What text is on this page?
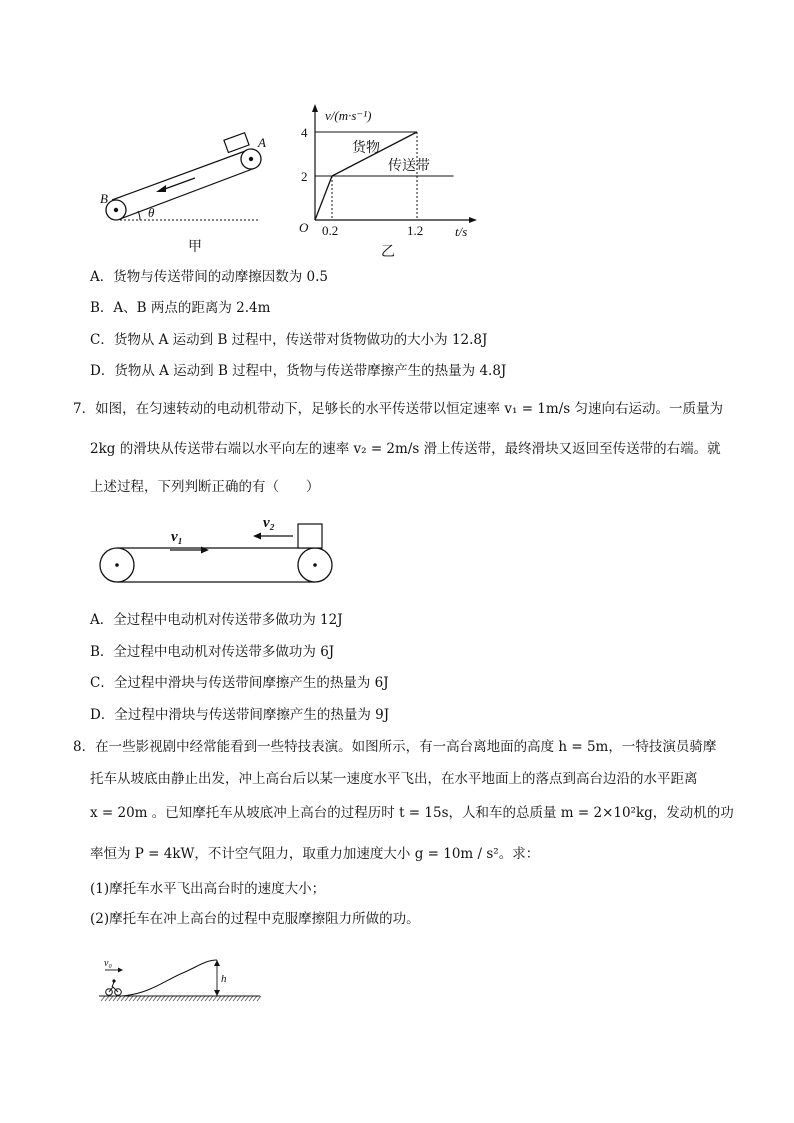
θ
A
B
甲
0.2	1.2
2
4
v/(m·s⁻¹)
O	t/s
货物
传送带
乙
A．货物与传送带间的动摩擦因数为 0.5
B．A、B 两点的距离为 2.4m
C．货物从 A 运动到 B 过程中，传送带对货物做功的大小为 12.8J
D．货物从 A 运动到 B 过程中，货物与传送带摩擦产生的热量为 4.8J
7．如图，在匀速转动的电动机带动下，足够长的水平传送带以恒定速率 v₁ = 1m/s 匀速向右运动。一质量为
2kg 的滑块从传送带右端以水平向左的速率 v₂ = 2m/s 滑上传送带，最终滑块又返回至传送带的右端。就
上述过程，下列判断正确的有（　　）
v₁
v₂
A．全过程中电动机对传送带多做功为 12J
B．全过程中电动机对传送带多做功为 6J
C．全过程中滑块与传送带间摩擦产生的热量为 6J
D．全过程中滑块与传送带间摩擦产生的热量为 9J
8．在一些影视剧中经常能看到一些特技表演。如图所示，有一高台离地面的高度 h = 5m，一特技演员骑摩
托车从坡底由静止出发，冲上高台后以某一速度水平飞出，在水平地面上的落点到高台边沿的水平距离
x = 20m 。已知摩托车从坡底冲上高台的过程历时 t = 15s，人和车的总质量 m = 2×10²kg，发动机的功
率恒为 P = 4kW，不计空气阻力，取重力加速度大小 g = 10m / s²。求：
(1)摩托车水平飞出高台时的速度大小；
(2)摩托车在冲上高台的过程中克服摩擦阻力所做的功。
h
v₀
